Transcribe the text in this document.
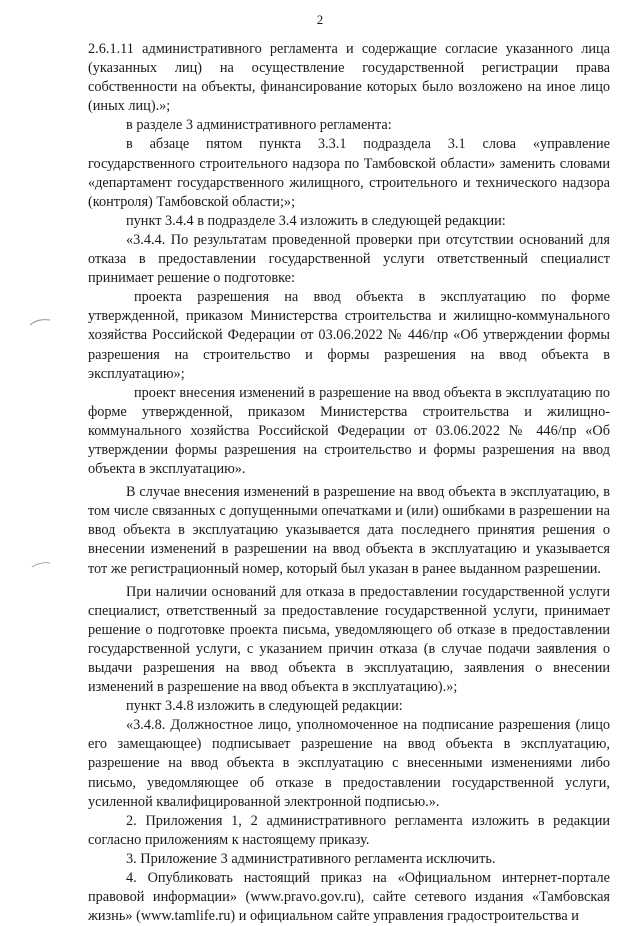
2

2.6.1.11 административного регламента и содержащие согласие указанного лица (указанных лиц) на осуществление государственной регистрации права собственности на объекты, финансирование которых было возложено на иное лицо (иных лиц).»;

в разделе 3 административного регламента:

в абзаце пятом пункта 3.3.1 подраздела 3.1 слова «управление государственного строительного надзора по Тамбовской области» заменить словами «департамент государственного жилищного, строительного и технического надзора (контроля) Тамбовской области;»;

пункт 3.4.4 в подразделе 3.4 изложить в следующей редакции:

«3.4.4. По результатам проведенной проверки при отсутствии оснований для отказа в предоставлении государственной услуги ответственный специалист принимает решение о подготовке:

проекта разрешения на ввод объекта в эксплуатацию по форме утвержденной, приказом Министерства строительства и жилищно-коммунального хозяйства Российской Федерации от 03.06.2022 № 446/пр «Об утверждении формы разрешения на строительство и формы разрешения на ввод объекта в эксплуатацию»;

проект внесения изменений в разрешение на ввод объекта в эксплуатацию по форме утвержденной, приказом Министерства строительства и жилищно-коммунального хозяйства Российской Федерации от 03.06.2022 № 446/пр «Об утверждении формы разрешения на строительство и формы разрешения на ввод объекта в эксплуатацию».

В случае внесения изменений в разрешение на ввод объекта в эксплуатацию, в том числе связанных с допущенными опечатками и (или) ошибками в разрешении на ввод объекта в эксплуатацию указывается дата последнего принятия решения о внесении изменений в разрешении на ввод объекта в эксплуатацию и указывается тот же регистрационный номер, который был указан в ранее выданном разрешении.

При наличии оснований для отказа в предоставлении государственной услуги специалист, ответственный за предоставление государственной услуги, принимает решение о подготовке проекта письма, уведомляющего об отказе в предоставлении государственной услуги, с указанием причин отказа (в случае подачи заявления о выдачи разрешения на ввод объекта в эксплуатацию, заявления о внесении изменений в разрешение на ввод объекта в эксплуатацию).»;

пункт 3.4.8 изложить в следующей редакции:

«3.4.8. Должностное лицо, уполномоченное на подписание разрешения (лицо его замещающее) подписывает разрешение на ввод объекта в эксплуатацию, разрешение на ввод объекта в эксплуатацию с внесенными изменениями либо письмо, уведомляющее об отказе в предоставлении государственной услуги, усиленной квалифицированной электронной подписью.».

2. Приложения 1, 2 административного регламента изложить в редакции согласно приложениям к настоящему приказу.

3. Приложение 3 административного регламента исключить.

4. Опубликовать настоящий приказ на «Официальном интернет-портале правовой информации» (www.pravo.gov.ru), сайте сетевого издания «Тамбовская жизнь» (www.tamlife.ru) и официальном сайте управления градостроительства и
